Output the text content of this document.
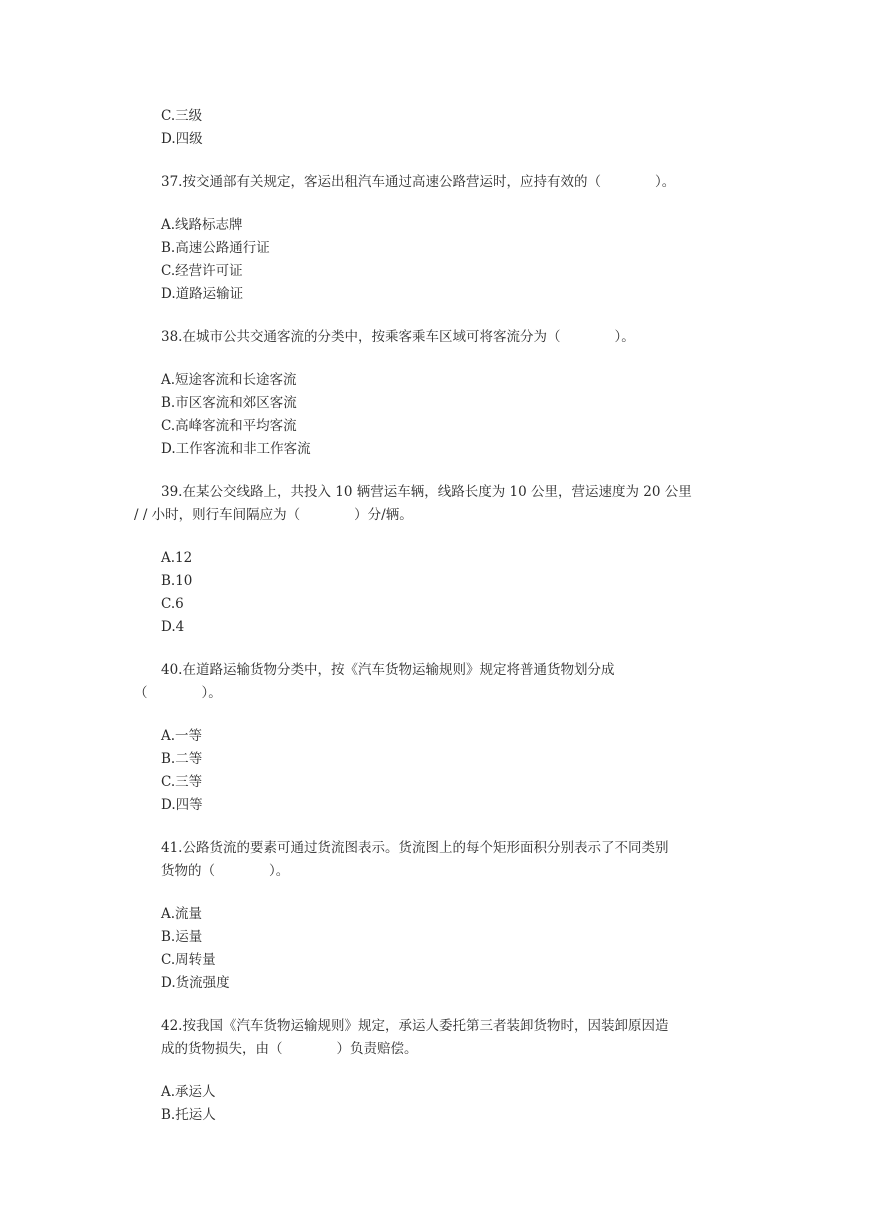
C.三级
D.四级
37.按交通部有关规定，客运出租汽车通过高速公路营运时，应持有效的（　　　　）。
A.线路标志牌
B.高速公路通行证
C.经营许可证
D.道路运输证
38.在城市公共交通客流的分类中，按乘客乘车区域可将客流分为（　　　　）。
A.短途客流和长途客流
B.市区客流和郊区客流
C.高峰客流和平均客流
D.工作客流和非工作客流
39.在某公交线路上，共投入 10 辆营运车辆，线路长度为 10 公里，营运速度为 20 公里
/ / 小时，则行车间隔应为（　　　　）分/辆。
A.12
B.10
C.6
D.4
40.在道路运输货物分类中，按《汽车货物运输规则》规定将普通货物划分成
（　　　　）。
A.一等
B.二等
C.三等
D.四等
41.公路货流的要素可通过货流图表示。货流图上的每个矩形面积分别表示了不同类别
货物的（　　　　）。
A.流量
B.运量
C.周转量
D.货流强度
42.按我国《汽车货物运输规则》规定，承运人委托第三者装卸货物时，因装卸原因造
成的货物损失，由（　　　　）负责赔偿。
A.承运人
B.托运人
